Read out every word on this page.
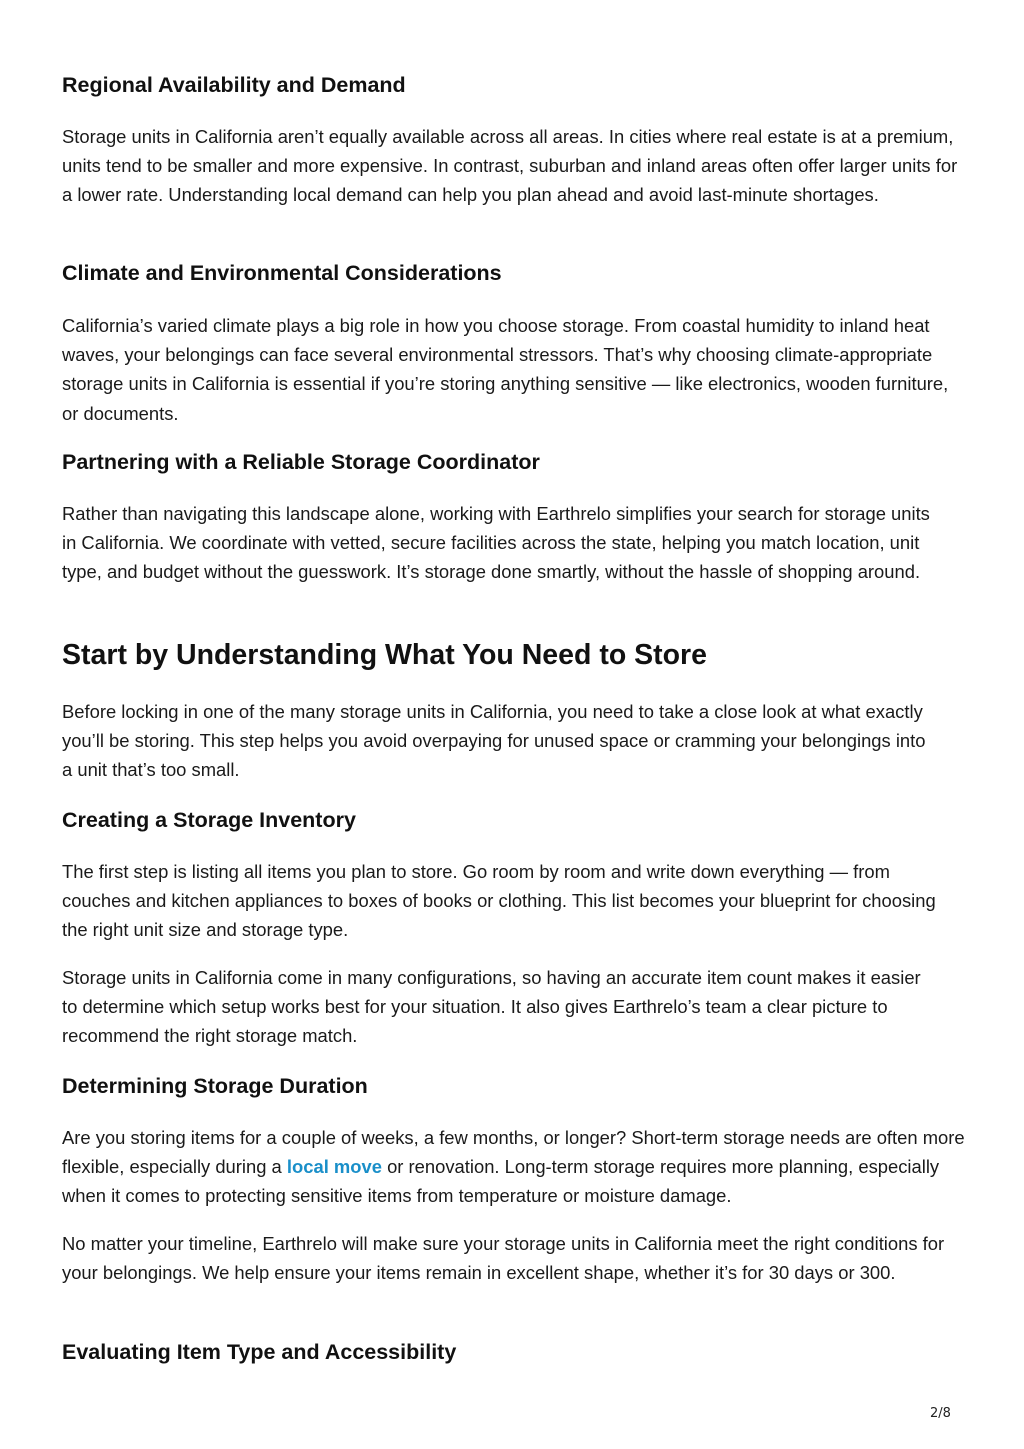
Regional Availability and Demand

Storage units in California aren’t equally available across all areas. In cities where real estate is at a premium, units tend to be smaller and more expensive. In contrast, suburban and inland areas often offer larger units for a lower rate. Understanding local demand can help you plan ahead and avoid last-minute shortages.

Climate and Environmental Considerations

California’s varied climate plays a big role in how you choose storage. From coastal humidity to inland heat waves, your belongings can face several environmental stressors. That’s why choosing climate-appropriate storage units in California is essential if you’re storing anything sensitive — like electronics, wooden furniture, or documents.

Partnering with a Reliable Storage Coordinator

Rather than navigating this landscape alone, working with Earthrelo simplifies your search for storage units in California. We coordinate with vetted, secure facilities across the state, helping you match location, unit type, and budget without the guesswork. It’s storage done smartly, without the hassle of shopping around.

Start by Understanding What You Need to Store

Before locking in one of the many storage units in California, you need to take a close look at what exactly you’ll be storing. This step helps you avoid overpaying for unused space or cramming your belongings into a unit that’s too small.

Creating a Storage Inventory

The first step is listing all items you plan to store. Go room by room and write down everything — from couches and kitchen appliances to boxes of books or clothing. This list becomes your blueprint for choosing the right unit size and storage type.

Storage units in California come in many configurations, so having an accurate item count makes it easier to determine which setup works best for your situation. It also gives Earthrelo’s team a clear picture to recommend the right storage match.

Determining Storage Duration

Are you storing items for a couple of weeks, a few months, or longer? Short-term storage needs are often more flexible, especially during a local move or renovation. Long-term storage requires more planning, especially when it comes to protecting sensitive items from temperature or moisture damage.

No matter your timeline, Earthrelo will make sure your storage units in California meet the right conditions for your belongings. We help ensure your items remain in excellent shape, whether it’s for 30 days or 300.

Evaluating Item Type and Accessibility
2/8
